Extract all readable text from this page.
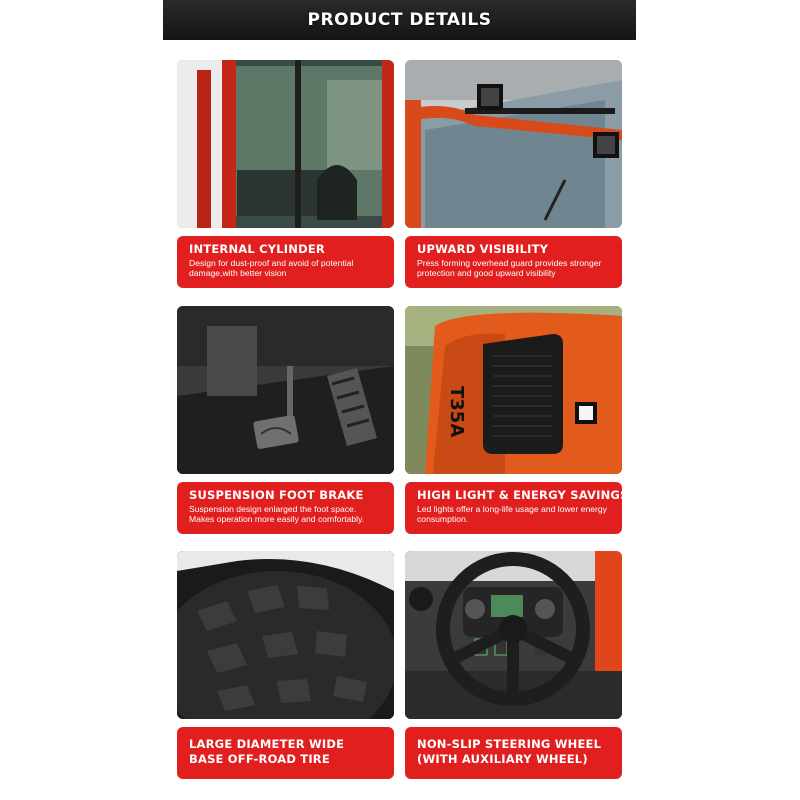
PRODUCT DETAILS
INTERNAL CYLINDER
Design for dust-proof and avoid of potential damage,with better vision
UPWARD VISIBILITY
Press forming overhead guard provides stronger protection and good upward visibility
SUSPENSION FOOT BRAKE
Suspension design enlarged the foot space. Makes operation more easily and comfortably.
T35A
HIGH LIGHT & ENERGY SAVINGS
Led lights offer a long-life usage and lower energy consumption.
LARGE DIAMETER WIDE BASE OFF-ROAD TIRE
NON-SLIP STEERING WHEEL (WITH AUXILIARY WHEEL)
